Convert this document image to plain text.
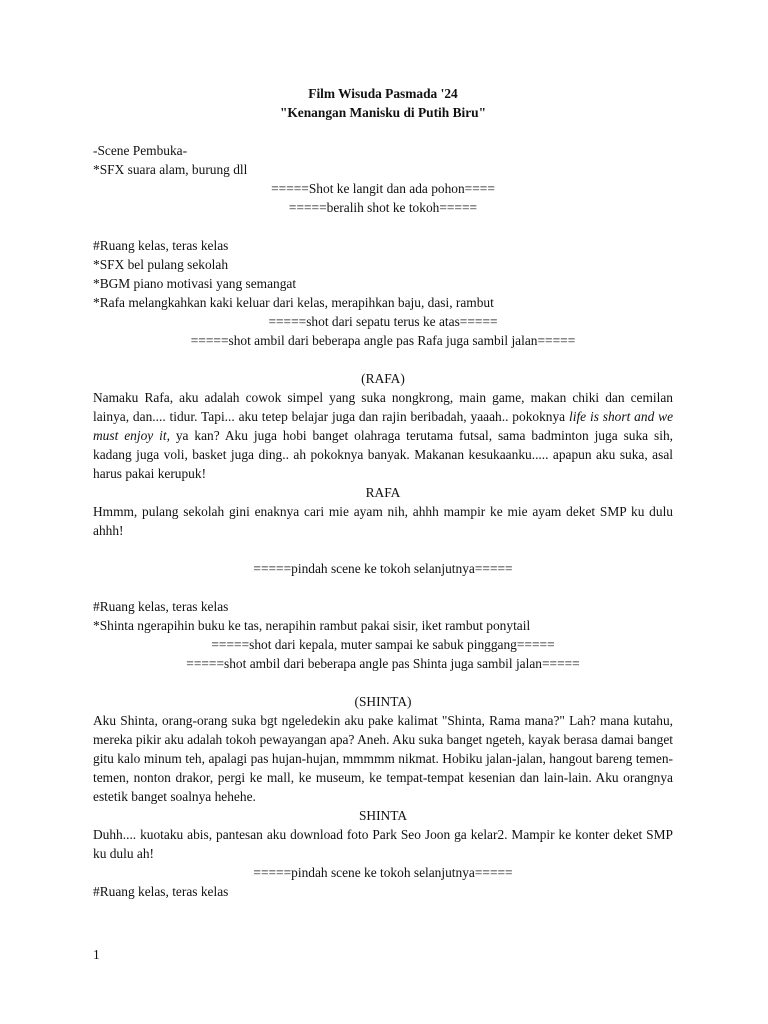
Film Wisuda Pasmada '24
"Kenangan Manisku di Putih Biru"
-Scene Pembuka-
*SFX suara alam, burung dll
=====Shot ke langit dan ada pohon====
=====beralih shot ke tokoh=====
#Ruang kelas, teras kelas
*SFX bel pulang sekolah
*BGM piano motivasi yang semangat
*Rafa melangkahkan kaki keluar dari kelas, merapihkan baju, dasi, rambut
=====shot dari sepatu terus ke atas=====
=====shot ambil dari beberapa angle pas Rafa juga sambil jalan=====
(RAFA)
Namaku Rafa, aku adalah cowok simpel yang suka nongkrong, main game, makan chiki dan cemilan lainya, dan.... tidur. Tapi... aku tetep belajar juga dan rajin beribadah, yaaah.. pokoknya life is short and we must enjoy it, ya kan? Aku juga hobi banget olahraga terutama futsal, sama badminton juga suka sih, kadang juga voli, basket juga ding.. ah pokoknya banyak. Makanan kesukaanku..... apapun aku suka, asal harus pakai kerupuk!
RAFA
Hmmm, pulang sekolah gini enaknya cari mie ayam nih, ahhh mampir ke mie ayam deket SMP ku dulu ahhh!
=====pindah scene ke tokoh selanjutnya=====
#Ruang kelas, teras kelas
*Shinta ngerapihin buku ke tas, nerapihin rambut pakai sisir, iket rambut ponytail
=====shot dari kepala, muter sampai ke sabuk pinggang=====
=====shot ambil dari beberapa angle pas Shinta juga sambil jalan=====
(SHINTA)
Aku Shinta, orang-orang suka bgt ngeledekin aku pake kalimat "Shinta, Rama mana?" Lah? mana kutahu, mereka pikir aku adalah tokoh pewayangan apa? Aneh. Aku suka banget ngeteh, kayak berasa damai banget gitu kalo minum teh, apalagi pas hujan-hujan, mmmmm nikmat. Hobiku jalan-jalan, hangout bareng temen-temen, nonton drakor, pergi ke mall, ke museum, ke tempat-tempat kesenian dan lain-lain. Aku orangnya estetik banget soalnya hehehe.
SHINTA
Duhh.... kuotaku abis, pantesan aku download foto Park Seo Joon ga kelar2. Mampir ke konter deket SMP ku dulu ah!
=====pindah scene ke tokoh selanjutnya=====
#Ruang kelas, teras kelas
1
